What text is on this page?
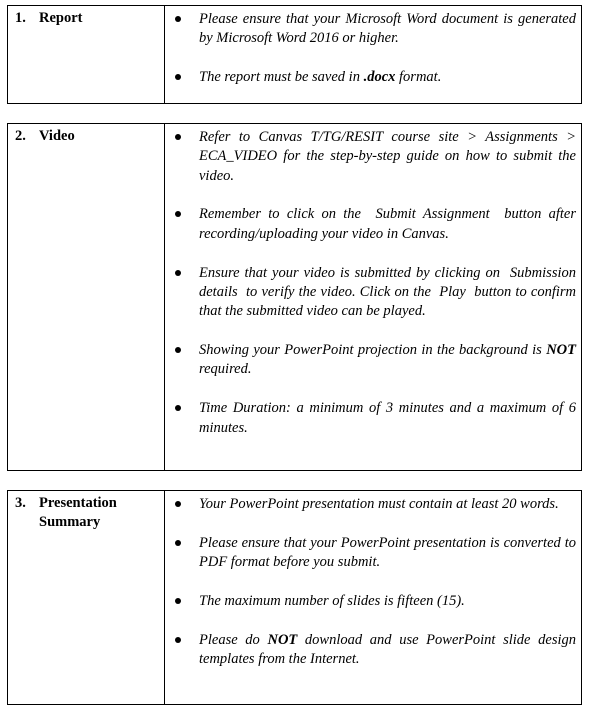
1. Report	Please ensure that your Microsoft Word document is generated by Microsoft Word 2016 or higher.
The report must be saved in .docx format.
2. Video	Refer to Canvas T/TG/RESIT course site > Assignments > ECA_VIDEO for the step-by-step guide on how to submit the video.
Remember to click on the  Submit Assignment  button after recording/uploading your video in Canvas.
Ensure that your video is submitted by clicking on  Submission details  to verify the video. Click on the  Play  button to confirm that the submitted video can be played.
Showing your PowerPoint projection in the background is NOT required.
Time Duration: a minimum of 3 minutes and a maximum of 6 minutes.
3. Presentation Summary
Your PowerPoint presentation must contain at least 20 words.
Please ensure that your PowerPoint presentation is converted to PDF format before you submit.
The maximum number of slides is fifteen (15).
Please do NOT download and use PowerPoint slide design templates from the Internet.
